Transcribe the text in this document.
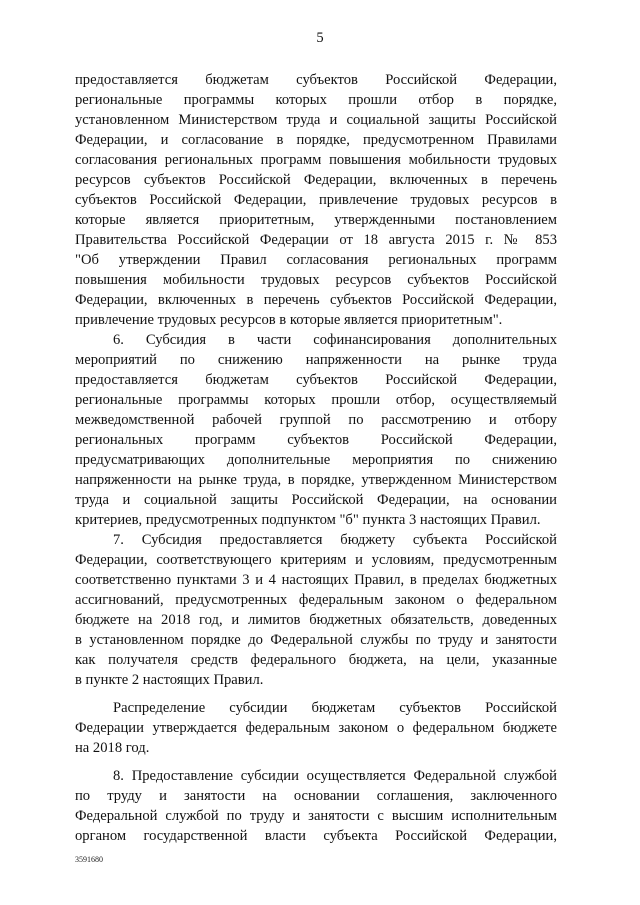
5

предоставляется бюджетам субъектов Российской Федерации,

региональные программы которых прошли отбор в порядке,

установленном Министерством труда и социальной защиты Российской

Федерации, и согласование в порядке, предусмотренном Правилами

согласования региональных программ повышения мобильности трудовых

ресурсов субъектов Российской Федерации, включенных в перечень

субъектов Российской Федерации, привлечение трудовых ресурсов в

которые является приоритетным, утвержденными постановлением

Правительства Российской Федерации от 18 августа 2015 г. № 853

"Об утверждении Правил согласования региональных программ

повышения мобильности трудовых ресурсов субъектов Российской

Федерации, включенных в перечень субъектов Российской Федерации,

привлечение трудовых ресурсов в которые является приоритетным".

6. Субсидия в части софинансирования дополнительных

мероприятий по снижению напряженности на рынке труда

предоставляется бюджетам субъектов Российской Федерации,

региональные программы которых прошли отбор, осуществляемый

межведомственной рабочей группой по рассмотрению и отбору

региональных программ субъектов Российской Федерации,

предусматривающих дополнительные мероприятия по снижению

напряженности на рынке труда, в порядке, утвержденном Министерством

труда и социальной защиты Российской Федерации, на основании

критериев, предусмотренных подпунктом "б" пункта 3 настоящих Правил.

7. Субсидия предоставляется бюджету субъекта Российской

Федерации, соответствующего критериям и условиям, предусмотренным

соответственно пунктами 3 и 4 настоящих Правил, в пределах бюджетных

ассигнований, предусмотренных федеральным законом о федеральном

бюджете на 2018 год, и лимитов бюджетных обязательств, доведенных

в установленном порядке до Федеральной службы по труду и занятости

как получателя средств федерального бюджета, на цели, указанные

в пункте 2 настоящих Правил.

Распределение субсидии бюджетам субъектов Российской

Федерации утверждается федеральным законом о федеральном бюджете

на 2018 год.

8. Предоставление субсидии осуществляется Федеральной службой

по труду и занятости на основании соглашения, заключенного

Федеральной службой по труду и занятости с высшим исполнительным

органом государственной власти субъекта Российской Федерации,

3591680
